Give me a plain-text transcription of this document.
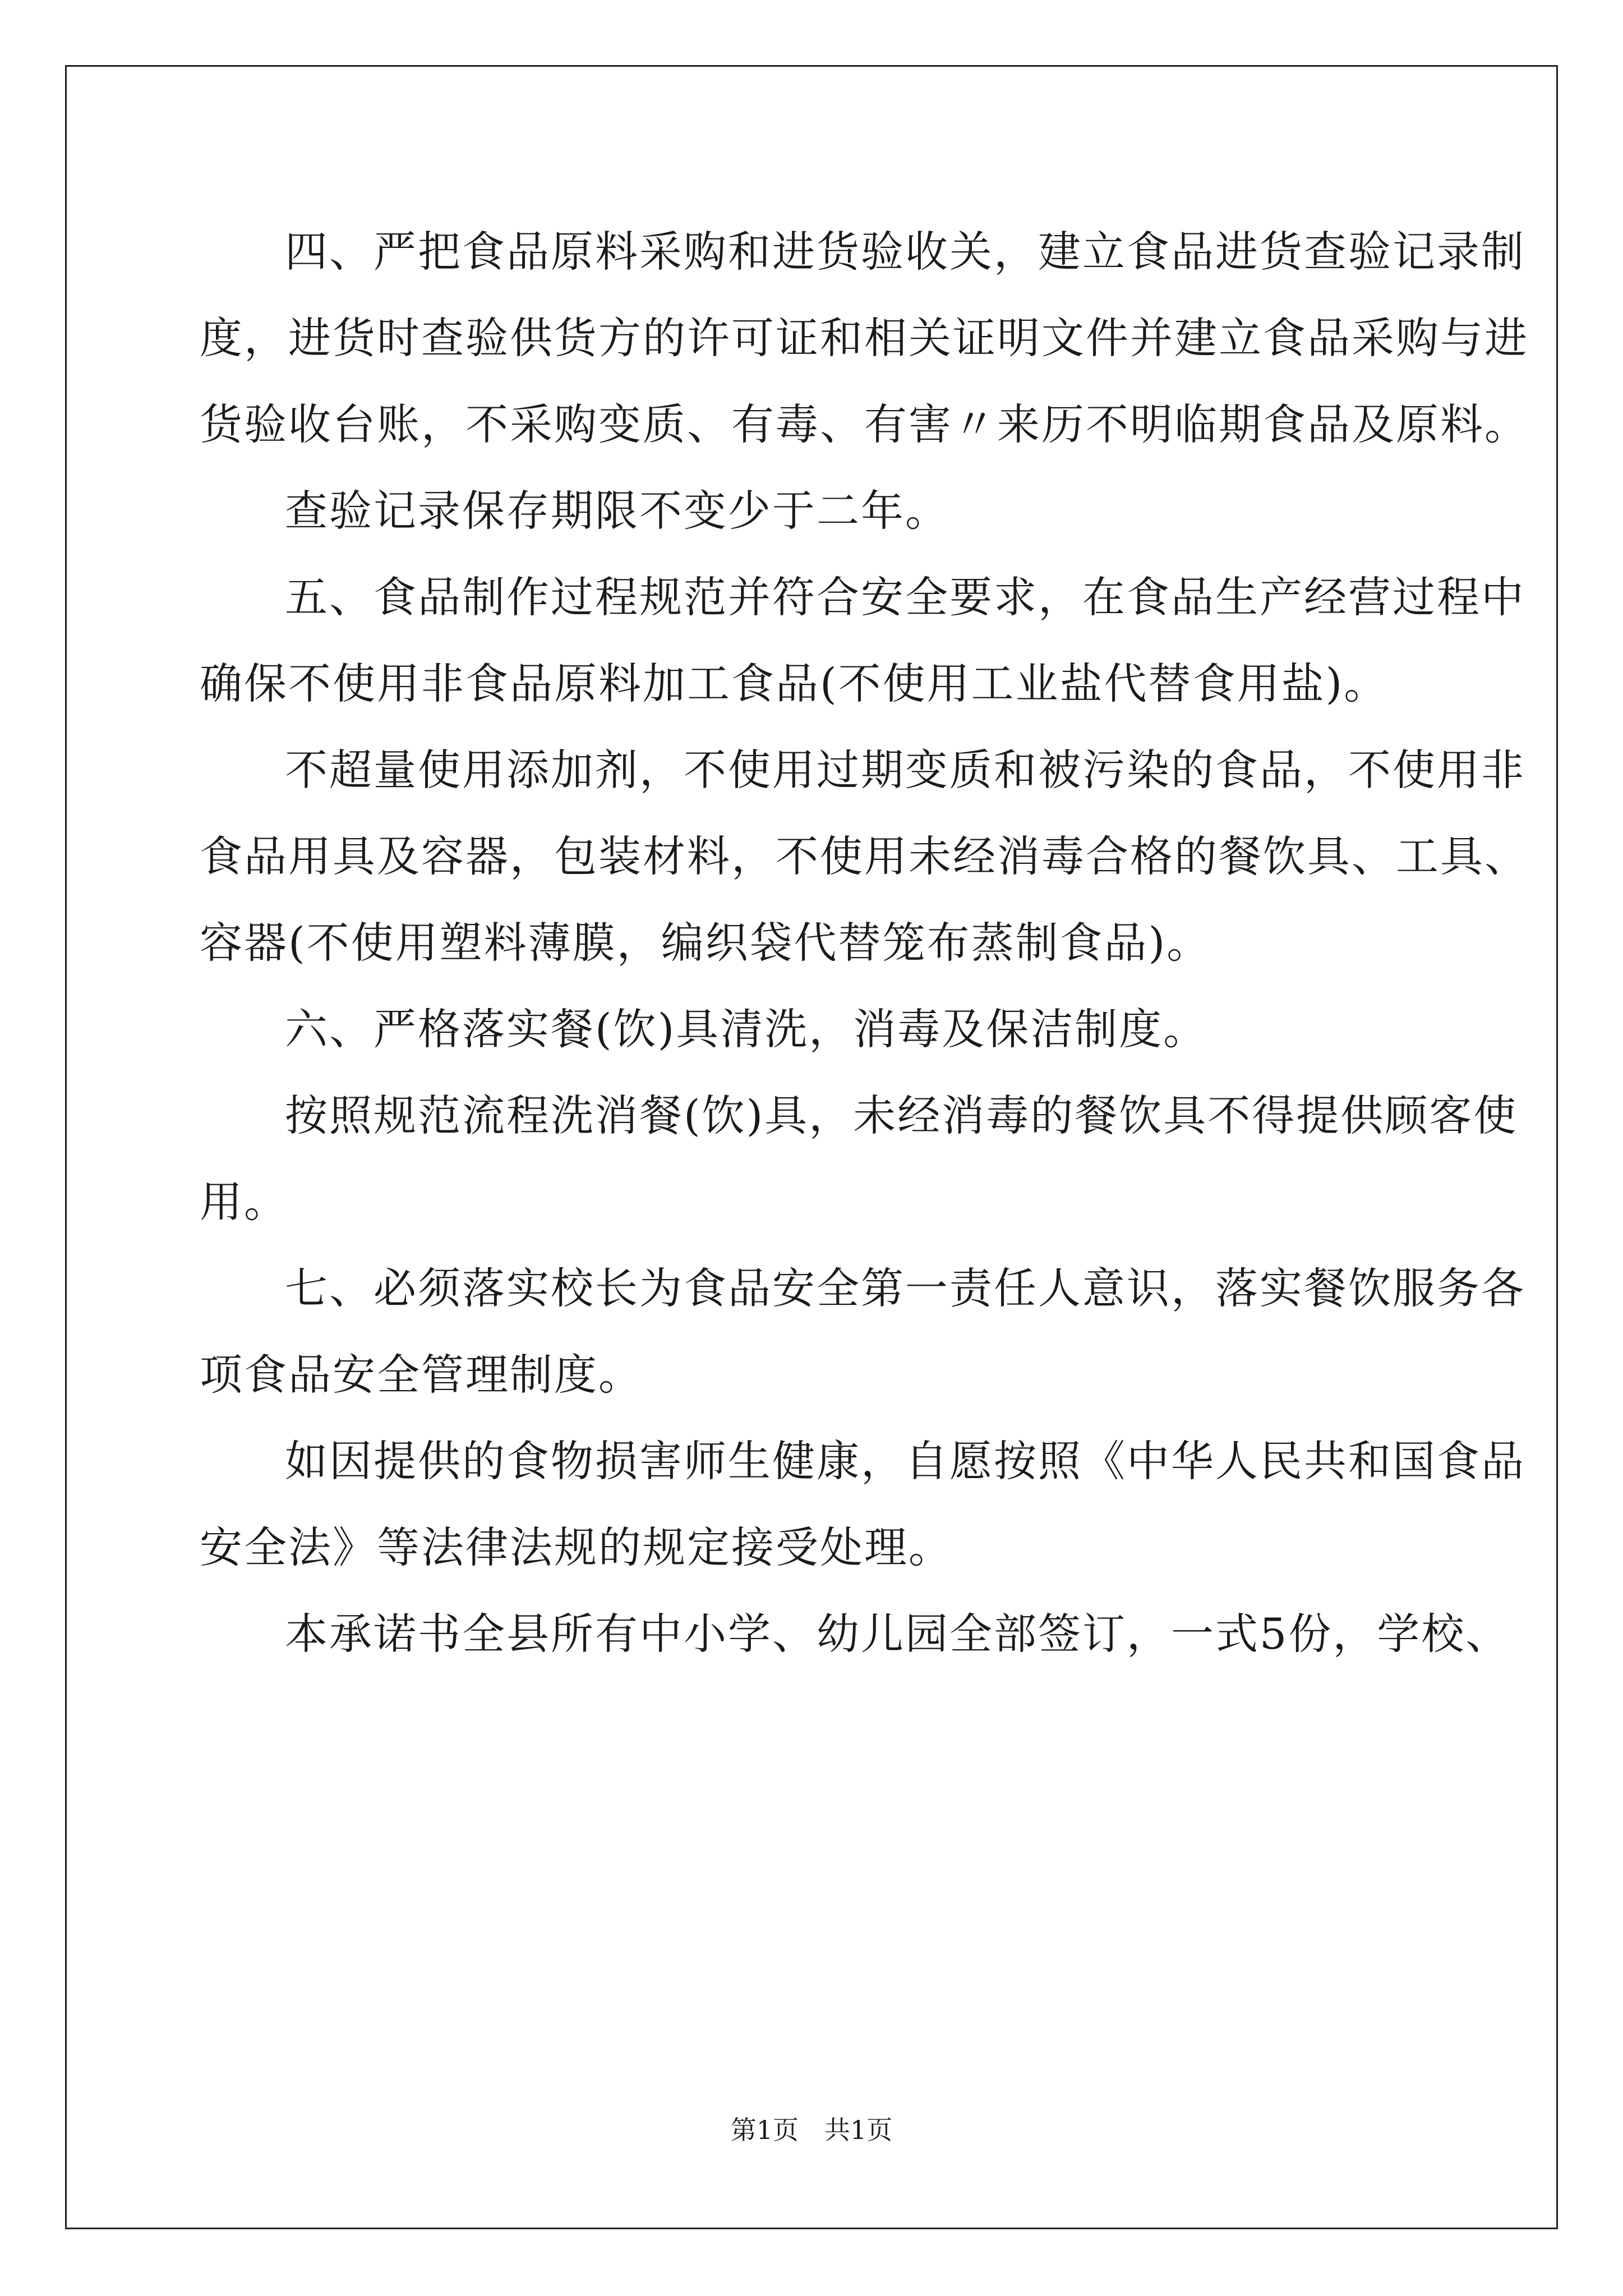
四、严把食品原料采购和进货验收关，建立食品进货查验记录制
度，进货时查验供货方的许可证和相关证明文件并建立食品采购与进
货验收台账，不采购变质、有毒、有害〃来历不明临期食品及原料。
查验记录保存期限不变少于二年。
五、食品制作过程规范并符合安全要求，在食品生产经营过程中
确保不使用非食品原料加工食品(不使用工业盐代替食用盐)。
不超量使用添加剂，不使用过期变质和被污染的食品，不使用非
食品用具及容器，包装材料，不使用未经消毒合格的餐饮具、工具、
容器(不使用塑料薄膜，编织袋代替笼布蒸制食品)。
六、严格落实餐(饮)具清洗，消毒及保洁制度。
按照规范流程洗消餐(饮)具，未经消毒的餐饮具不得提供顾客使
用。
七、必须落实校长为食品安全第一责任人意识，落实餐饮服务各
项食品安全管理制度。
如因提供的食物损害师生健康，自愿按照《中华人民共和国食品
安全法》等法律法规的规定接受处理。
本承诺书全县所有中小学、幼儿园全部签订，一式5份，学校、
第1页　共1页
